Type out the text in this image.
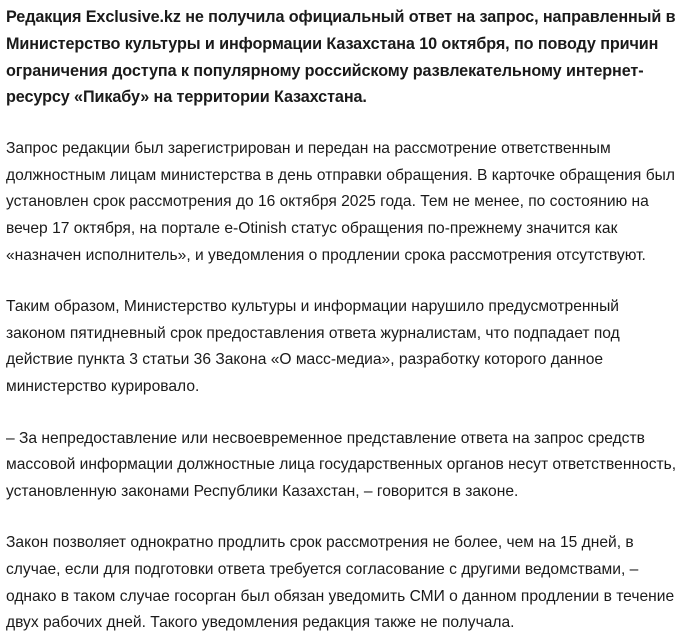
Редакция Exclusive.kz не получила официальный ответ на запрос, направленный в Министерство культуры и информации Казахстана 10 октября, по поводу причин ограничения доступа к популярному российскому развлекательному интернет-ресурсу «Пикабу» на территории Казахстана.

Запрос редакции был зарегистрирован и передан на рассмотрение ответственным должностным лицам министерства в день отправки обращения. В карточке обращения был установлен срок рассмотрения до 16 октября 2025 года. Тем не менее, по состоянию на вечер 17 октября, на портале e-Otinish статус обращения по-прежнему значится как «назначен исполнитель», и уведомления о продлении срока рассмотрения отсутствуют.

Таким образом, Министерство культуры и информации нарушило предусмотренный законом пятидневный срок предоставления ответа журналистам, что подпадает под действие пункта 3 статьи 36 Закона «О масс-медиа», разработку которого данное министерство курировало.

– За непредоставление или несвоевременное представление ответа на запрос средств массовой информации должностные лица государственных органов несут ответственность, установленную законами Республики Казахстан, – говорится в законе.

Закон позволяет однократно продлить срок рассмотрения не более, чем на 15 дней, в случае, если для подготовки ответа требуется согласование с другими ведомствами, – однако в таком случае госорган был обязан уведомить СМИ о данном продлении в течение двух рабочих дней. Такого уведомления редакция также не получала.
